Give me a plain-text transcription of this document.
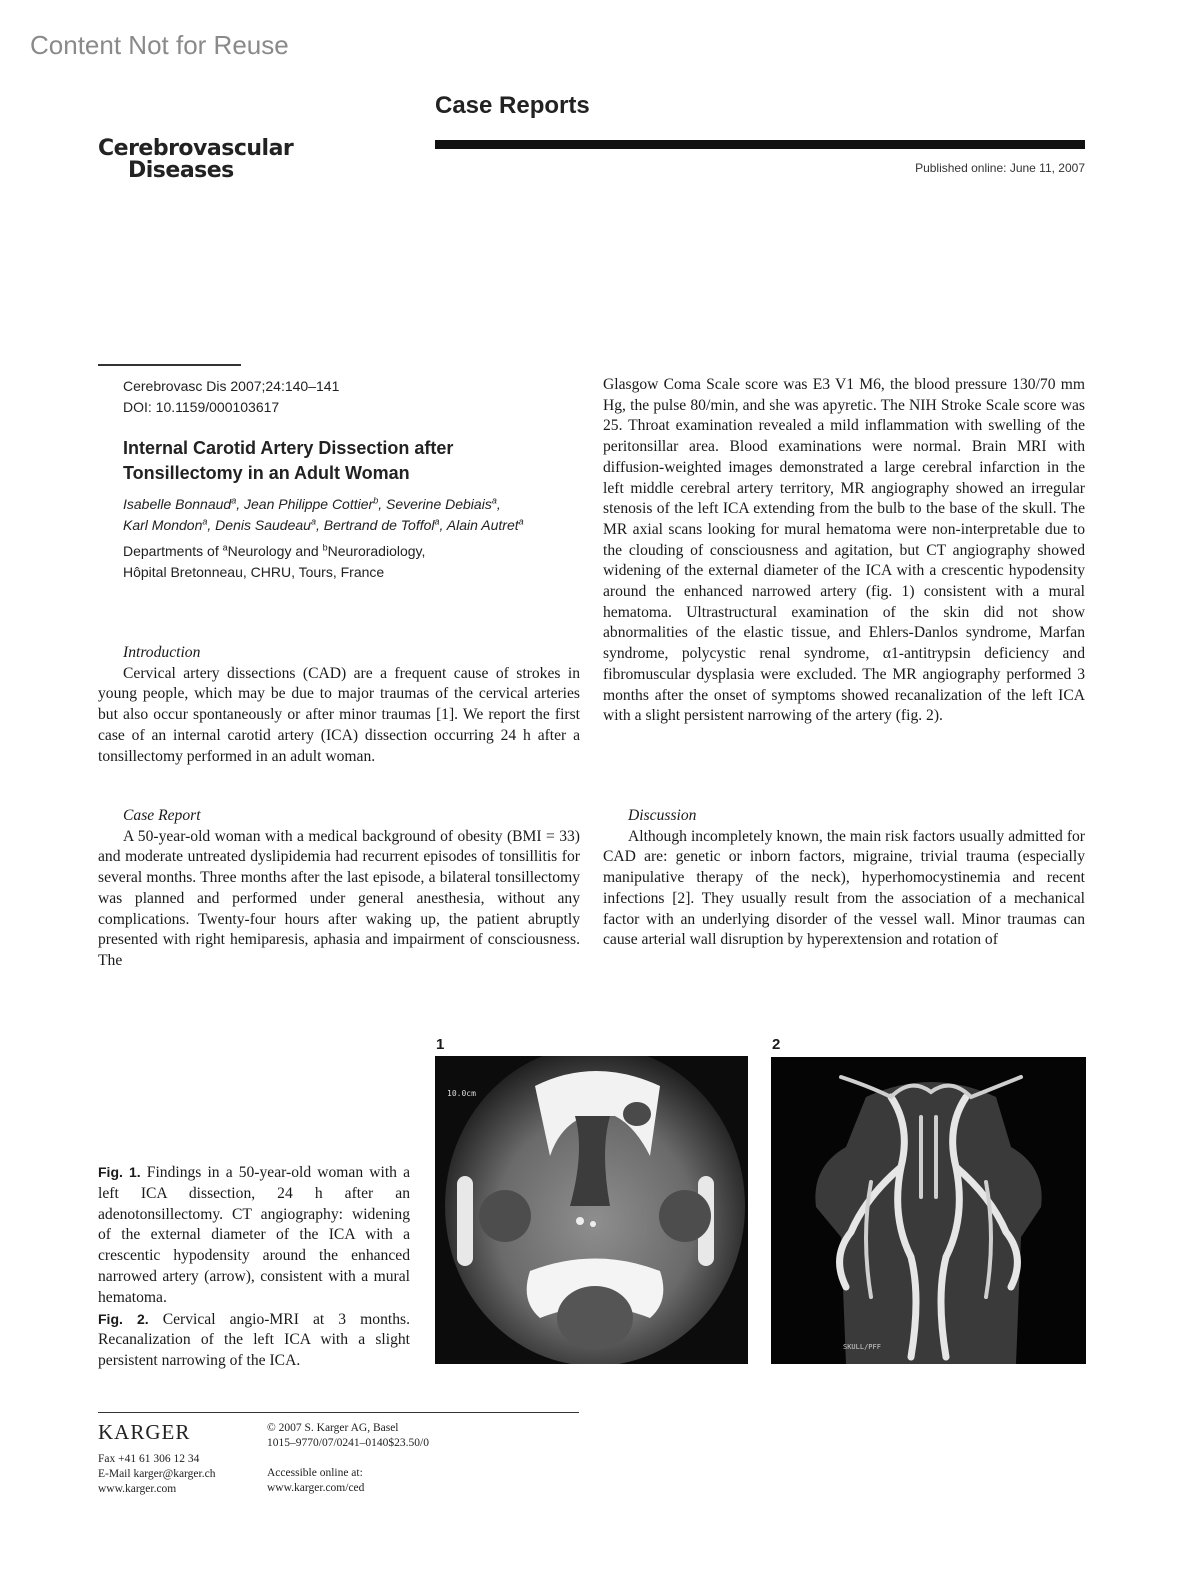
Content Not for Reuse
Case Reports
Cerebrovascular
Diseases	Published online: June 11, 2007
Cerebrovasc Dis 2007;24:140–141
DOI: 10.1159/000103617
Internal Carotid Artery Dissection after
Tonsillectomy in an Adult Woman
Isabelle Bonnaud$^a$, Jean Philippe Cottier$^b$, Severine Debiais$^a$,
Karl Mondon$^a$, Denis Saudeau$^a$, Bertrand de Toffol$^a$, Alain Autret$^a$
Departments of $^a$Neurology and $^b$Neuroradiology,
Hôpital Bretonneau, CHRU, Tours, France

Introduction

Cervical artery dissections (CAD) are a frequent cause of strokes in young people, which may be due to major traumas of the cervical arteries but also occur spontaneously or after minor traumas [1]. We report the first case of an internal carotid artery (ICA) dissection occurring 24 h after a tonsillectomy performed in an adult woman.

Case Report

A 50-year-old woman with a medical background of obesity (BMI = 33) and moderate untreated dyslipidemia had recurrent episodes of tonsillitis for several months. Three months after the last episode, a bilateral tonsillectomy was planned and performed under general anesthesia, without any complications. Twenty-four hours after waking up, the patient abruptly presented with right hemiparesis, aphasia and impairment of consciousness. The

Glasgow Coma Scale score was E3 V1 M6, the blood pressure 130/70 mm Hg, the pulse 80/min, and she was apyretic. The NIH Stroke Scale score was 25. Throat examination revealed a mild inflammation with swelling of the peritonsillar area. Blood examinations were normal. Brain MRI with diffusion-weighted images demonstrated a large cerebral infarction in the left middle cerebral artery territory, MR angiography showed an irregular stenosis of the left ICA extending from the bulb to the base of the skull. The MR axial scans looking for mural hematoma were non-interpretable due to the clouding of consciousness and agitation, but CT angiography showed widening of the external diameter of the ICA with a crescentic hypodensity around the enhanced narrowed artery (fig. 1) consistent with a mural hematoma. Ultrastructural examination of the skin did not show abnormalities of the elastic tissue, and Ehlers-Danlos syndrome, Marfan syndrome, polycystic renal syndrome, α1-antitrypsin deficiency and fibromuscular dysplasia were excluded. The MR angiography performed 3 months after the onset of symptoms showed recanalization of the left ICA with a slight persistent narrowing of the artery (fig. 2).

Discussion

Although incompletely known, the main risk factors usually admitted for CAD are: genetic or inborn factors, migraine, trivial trauma (especially manipulative therapy of the neck), hyperhomocystinemia and recent infections [2]. They usually result from the association of a mechanical factor with an underlying disorder of the vessel wall. Minor traumas can cause arterial wall disruption by hyperextension and rotation of

1	2
10.0cm
SKULL/PFF

Fig. 1. Findings in a 50-year-old woman with a left ICA dissection, 24 h after an adenotonsillectomy. CT angiography: widening of the external diameter of the ICA with a crescentic hypodensity around the enhanced narrowed artery (arrow), consistent with a mural hematoma.

Fig. 2. Cervical angio-MRI at 3 months. Recanalization of the left ICA with a slight persistent narrowing of the ICA.

KARGER
Fax +41 61 306 12 34
E-Mail karger@karger.ch
www.karger.com
© 2007 S. Karger AG, Basel
1015–9770/07/0241–0140$23.50/0
Accessible online at:
www.karger.com/ced
